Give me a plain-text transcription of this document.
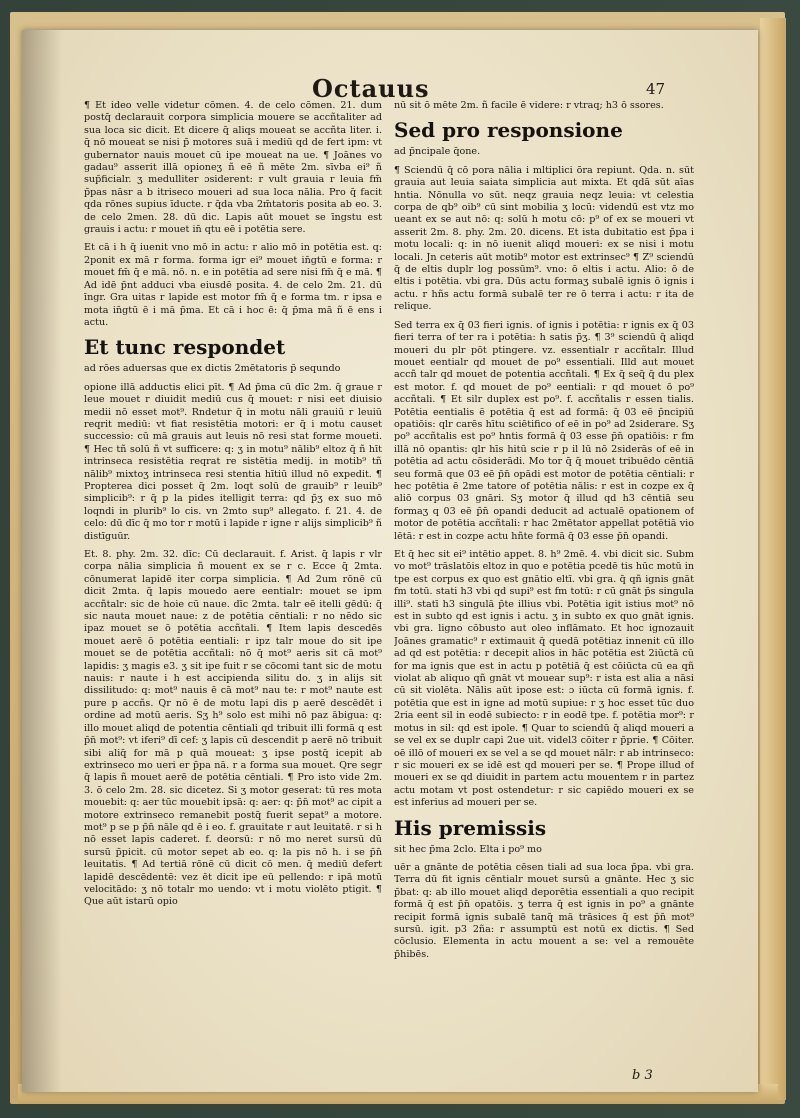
Octauus	47

¶ Et ideo velle videtur cōmen. 4. de celo cōmen. 21. dum postq̄ declarauit corpora simplicia mouere se accñtaliter ad sua loca sic dicit. Et dicere q̄ aliqs moueat se accñta liter. i. q̄ nō moueat se nisi p̄ motores suā i mediū qd de fert ipm: vt gubernator nauis mouet cū ipe moueat na ue. ¶ Joānes vo gadau⁹ asserit illā opioneʒ ñ eē ñ mēte 2m. sīvba ei⁹ ñ sup̄ficialr. ʒ medulliter ɔsiderent: r vult grauia r leuia fm̄ p̄pas nāsr a b itriseco moueri ad sua loca nālia. Pro q̄ facit qda rōnes supius īducte. r q̄da vba 2m̄tatoris posita ab eo. 3. de celo 2men. 28. dū dic. Lapis aūt mouet se īngstu est grauis i actu: r mouet in̄ qtu eē i potētia sere.

Et cā i h q̄ iuenit vno mō in actu: r alio mō in potētia est. q: 2ponit ex mā r forma. forma igr ei⁹ mouet in̄gtū e forma: r mouet fm̄ q̄ e mā. nō. n. e in potētia ad sere nisi fm̄ q̄ e mā. ¶ Ad idē p̄nt adduci vba eiusdē posita. 4. de celo 2m. 21. dū īngr. Gra uitas r lapide est motor fm̄ q̄ e forma tm. r ipsa e mota in̄gtū ē i mā p̄ma. Et cā i hoc ē: q̄ p̄ma mā ñ ē ens i actu.

Et tunc respondet
ad rōes aduersas que ex dictis 2mētatoris p̄ sequndo

opione illā adductis elici pīt. ¶ Ad p̄ma cū dīc 2m. q̄ graue r leue mouet r diuidit mediū cus q̄ mouet: r nisi eet diuisio medii nō esset mot⁹. Rndetur q̄ in motu nāli grauiū r leuiū reqrit mediū: vt fiat resistētia motori: er q̄ i motu causet successio: cū mā grauis aut leuis nō resi stat forme moueti. ¶ Hec tñ solū ñ vt sufficere: q: ʒ in motu⁹ nālib⁹ eltoz q̄ ñ hīt intrinseca resistētia reqrat re sistētia medij. in motib⁹ tñ nālib⁹ mixtoʒ intrinseca resi stentia hītiū illud nō expedit. ¶ Propterea dici posset q̄ 2m. loqt solū de grauib⁹ r leuib⁹ simplicib⁹: r q̄ p la pides itelligit terra: qd p̄ʒ ex suo mō loqndi in plurib⁹ lo cis. vn 2mto sup⁹ allegato. f. 21. 4. de celo: dū dīc q̄ mo tor r motū i lapide r igne r alijs simplicib⁹ ñ distīguūr.

Et. 8. phy. 2m. 32. dīc: Cū declarauit. f. Arist. q̄ lapis r vlr corpa nālia simplicia ñ mouent ex se r c. Ecce q̄ 2mta. cōnumerat lapidē iter corpa simplicia. ¶ Ad 2um rōnē cū dicit 2mta. q̄ lapis mouedo aere eentialr: mouet se ipm accñtalr: sic de hoie cū naue. dīc 2mta. talr eē itelli gēdū: q̄ sic nauta mouet naue: z de potētia cēntiali: r no nēdo sic ipaz mouet se ō potētia accñtali. ¶ Item lapis descedēs mouet aerē ō potētia eentiali: r ipz talr moue do sit ipe mouet se de potētia accñtali: nō q̄ mot⁹ aeris sit cā mot⁹ lapidis: ʒ magis e3. ʒ sit ipe fuit r se cōcomi tant sic de motu nauis: r naute i h est accipienda silitu do. ʒ in alijs sit dissilitudo: q: mot⁹ nauis ē cā mot⁹ nau te: r mot⁹ naute est pure p accñs. Qr nō ē de motu lapi dis p aerē descēdēt i ordine ad motū aeris. Sʒ h⁹ solo est mihi nō paz ābigua: q: illo mouet aliqd de potentia cēntiali qd tribuit illi formā q est p̄n̄ mot⁹: vt iferi⁹ dī cef: ʒ lapis cū descendit p aerē nō tribuit sibi aliq̄ for mā p quā moueat: ʒ ipse postq̄ icepit ab extrinseco mo ueri er p̄pa nā. r a forma sua mouet. Qre segr q̄ lapis ñ mouet aerē de potētia cēntiali. ¶ Pro isto vide 2m. 3. ō celo 2m. 28. sic dicetez. Si ʒ motor geserat: tū res mota mouebit: q: aer tūc mouebit ipsā: q: aer: q: p̄n̄ mot⁹ ac cipit a motore extrinseco remanebit postq̄ fuerit sepat⁹ a motore. mot⁹ p se p p̄n̄ nāle qd ē i eo. f. grauitate r aut leuitatē. r si h nō esset lapis caderet. f. deorsū: r nō mo neret sursū dū sursū p̄picit. cū motor sepet ab eo. q: la pis nō h. i se p̄n̄ leuitatis. ¶ Ad tertiā rōnē cū dicit cō men. q̄ mediū defert lapidē descēdentē: vez ēt dicit ipe eū pellendo: r ipā motū velocitādo: ʒ nō totalr mo uendo: vt i motu violēto ptigit. ¶ Que aūt istarū opio

nū sit ō mēte 2m. ñ facile ē videre: r vtraq; h3 ō ssores.

Sed pro responsione
ad p̄ncipale q̄one.

¶ Sciendū q̄ cō pora nālia i mltiplici ōra repiunt. Qda. n. sūt grauia aut leuia saiata simplicia aut mixta. Et qdā sūt aīas hntia. Nōnulla vo sūt. neqz grauia neqz leuia: vt celestia corpa de qb⁹ oib⁹ cū sint mobilia ʒ locū: videndū est vtz mo ueant ex se aut nō: q: solū h motu cō: p⁹ of ex se moueri vt asserit 2m. 8. phy. 2m. 20. dicens. Et ista dubitatio est p̄pa i motu locali: q: in nō iuenit aliqd moueri: ex se nisi i motu locali. Jn ceteris aūt motib⁹ motor est extrinsec⁹ ¶ Z⁹ sciendū q̄ de eltis duplr log possūm⁹. vno: ō eltis i actu. Alio: ō de eltis i potētia. vbi gra. Dūs actu formaʒ subalē ignis ō ignis i actu. r hñs actu formā subalē ter re ō terra i actu: r ita de relique.

Sed terra ex q̄ 03 fieri ignis. of ignis i potētia: r ignis ex q̄ 03 fieri terra of ter ra i potētia: h satis p̄ʒ. ¶ 3⁹ sciendū q̄ aliqd moueri du plr pōt ptingere. vz. essentialr r accñtalr. Illud mouet eentialr qd mouet de po⁹ essentiali. Illd aut mouet accñ talr qd mouet de potentia accñtali. ¶ Ex q̄ seq̄ q̄ du plex est motor. f. qd mouet de po⁹ eentiali: r qd mouet ō po⁹ accñtali. ¶ Et silr duplex est po⁹. f. accñtalis r essen tialis. Potētia eentialis ē potētia q̄ est ad formā: q̄ 03 eē p̄ncipiū opatiōis: qlr carēs hītu sciētifico of eē in po⁹ ad 2siderare. Sʒ po⁹ accñtalis est po⁹ hntis formā q̄ 03 esse p̄n̄ opatiōis: r fm illā nō opantis: qlr hīs hitū scie r p il lū nō 2siderās of eē in potētia ad actu cōsiderādi. Mo tor q̄ q̄ mouet tribuēdo cēntiā seu formā que 03 eē p̄n̄ opādi est motor de potētia cēntiali: r hec potētia ē 2me tatore of potētia nālis: r est in cozpe ex q̄ aliō corpus 03 gnāri. Sʒ motor q̄ illud qd h3 cēntiā seu formaʒ q 03 eē p̄n̄ opandi deducit ad actualē opationem of motor de potētia accñtali: r hac 2mētator appellat potētiā vio lētā: r est in cozpe actu hñte formā q̄ 03 esse p̄n̄ opandi.

Et q̄ hec sit ei⁹ intētio appet. 8. h⁹ 2mē. 4. vbi dicit sic. Subm vo mot⁹ trāslatōis eltoz in quo e potētia pcedē tis hūc motū in tpe est corpus ex quo est gnātio eltī. vbi gra. q̄ qñ ignis gnāt fm totū. stati h3 vbi qd supi⁹ est fm totū: r cū gnāt p̄s singula illi⁹. statī h3 singulā p̄te illius vbi. Potētia igit istius mot⁹ nō est in subto qd est ignis i actu. ʒ in subto ex quo gnāt ignis. vbi gra. ligno cōbusto aut oleo inflāmato. Et hoc ignozauit Joānes gramatic⁹ r extimauit q̄ quedā potētiaz innenit cū illo ad qd est potētia: r decepit alios in hāc potētia est 2iūctā cū for ma ignis que est in actu p potētiā q̄ est cōiūcta cū ea qñ violat ab aliquo qñ gnāt vt mouear sup⁹: r ista est alia a nāsi cū sit violēta. Nālis aūt ipose est: ɔ iūcta cū formā ignis. f. potētia que est in igne ad motū supiue: r ʒ hoc esset tūc duo 2ria eent sil in eodē subiecto: r in eodē tpe. f. potētia mor⁹: r motus in sil: qd est ipole. ¶ Quar to sciendū q̄ aliqd moueri a se vel ex se duplr capi 2ue uit. videl3 cōiter r p̄prie. ¶ Cōiter. oē illō of moueri ex se vel a se qd mouet nālr: r ab intrinseco: r sic moueri ex se idē est qd moueri per se. ¶ Prope illud of moueri ex se qd diuidit in partem actu mouentem r in partez actu motam vt post ostendetur: r sic capiēdo moueri ex se est inferius ad moueri per se.

His premissis
sit hec p̄ma 2clo. Elta i po⁹ mo

uēr a gnānte de potētia cēsen tiali ad sua loca p̄pa. vbi gra. Terra dū fit ignis cēntialr mouet sursū a gnānte. Hec ʒ sic p̄bat: q: ab illo mouet aliqd deporētia essentiali a quo recipit formā q̄ est p̄n̄ opatōis. ʒ terra q̄ est ignis in po⁹ a gnānte recipit formā ignis subalē tanq̄ mā trāsices q̄ est p̄n̄ mot⁹ sursū. igit. p3 2ña: r assumptū est notū ex dictis. ¶ Sed cōclusio. Elementa in actu mouent a se: vel a remouēte p̄hibēs.

b 3
